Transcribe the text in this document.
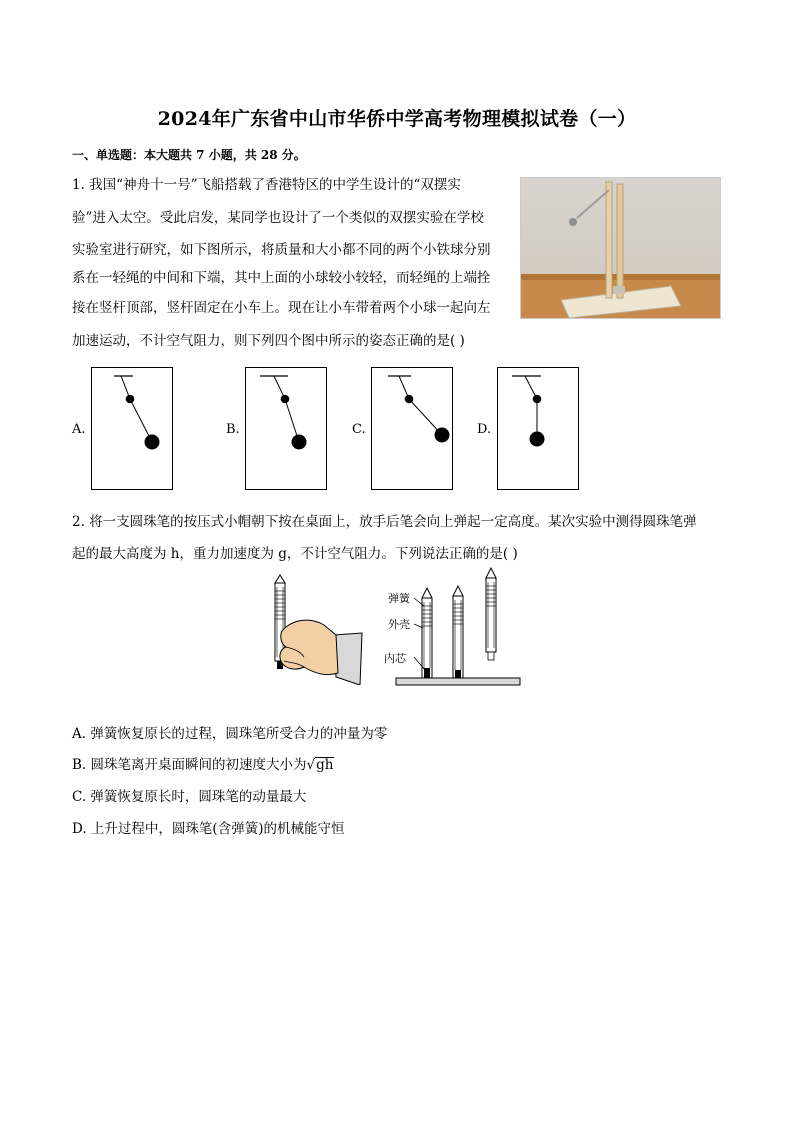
2024年广东省中山市华侨中学高考物理模拟试卷（一）
一、单选题：本大题共 7 小题，共 28 分。
1. 我国“神舟十一号”飞船搭载了香港特区的中学生设计的“双摆实
验”进入太空。受此启发，某同学也设计了一个类似的双摆实验在学校
实验室进行研究，如下图所示，将质量和大小都不同的两个小铁球分别
系在一轻绳的中间和下端，其中上面的小球较小较轻，而轻绳的上端拴
接在竖杆顶部，竖杆固定在小车上。现在让小车带着两个小球一起向左
加速运动，不计空气阻力，则下列四个图中所示的姿态正确的是( )
A.	B.	C.	D.
2. 将一支圆珠笔的按压式小帽朝下按在桌面上，放手后笔会向上弹起一定高度。某次实验中测得圆珠笔弹
起的最大高度为 h，重力加速度为 g，不计空气阻力。下列说法正确的是( )
弹簧
外壳
内芯
A. 弹簧恢复原长的过程，圆珠笔所受合力的冲量为零
B. 圆珠笔离开桌面瞬间的初速度大小为√gh
C. 弹簧恢复原长时，圆珠笔的动量最大
D. 上升过程中，圆珠笔(含弹簧)的机械能守恒
